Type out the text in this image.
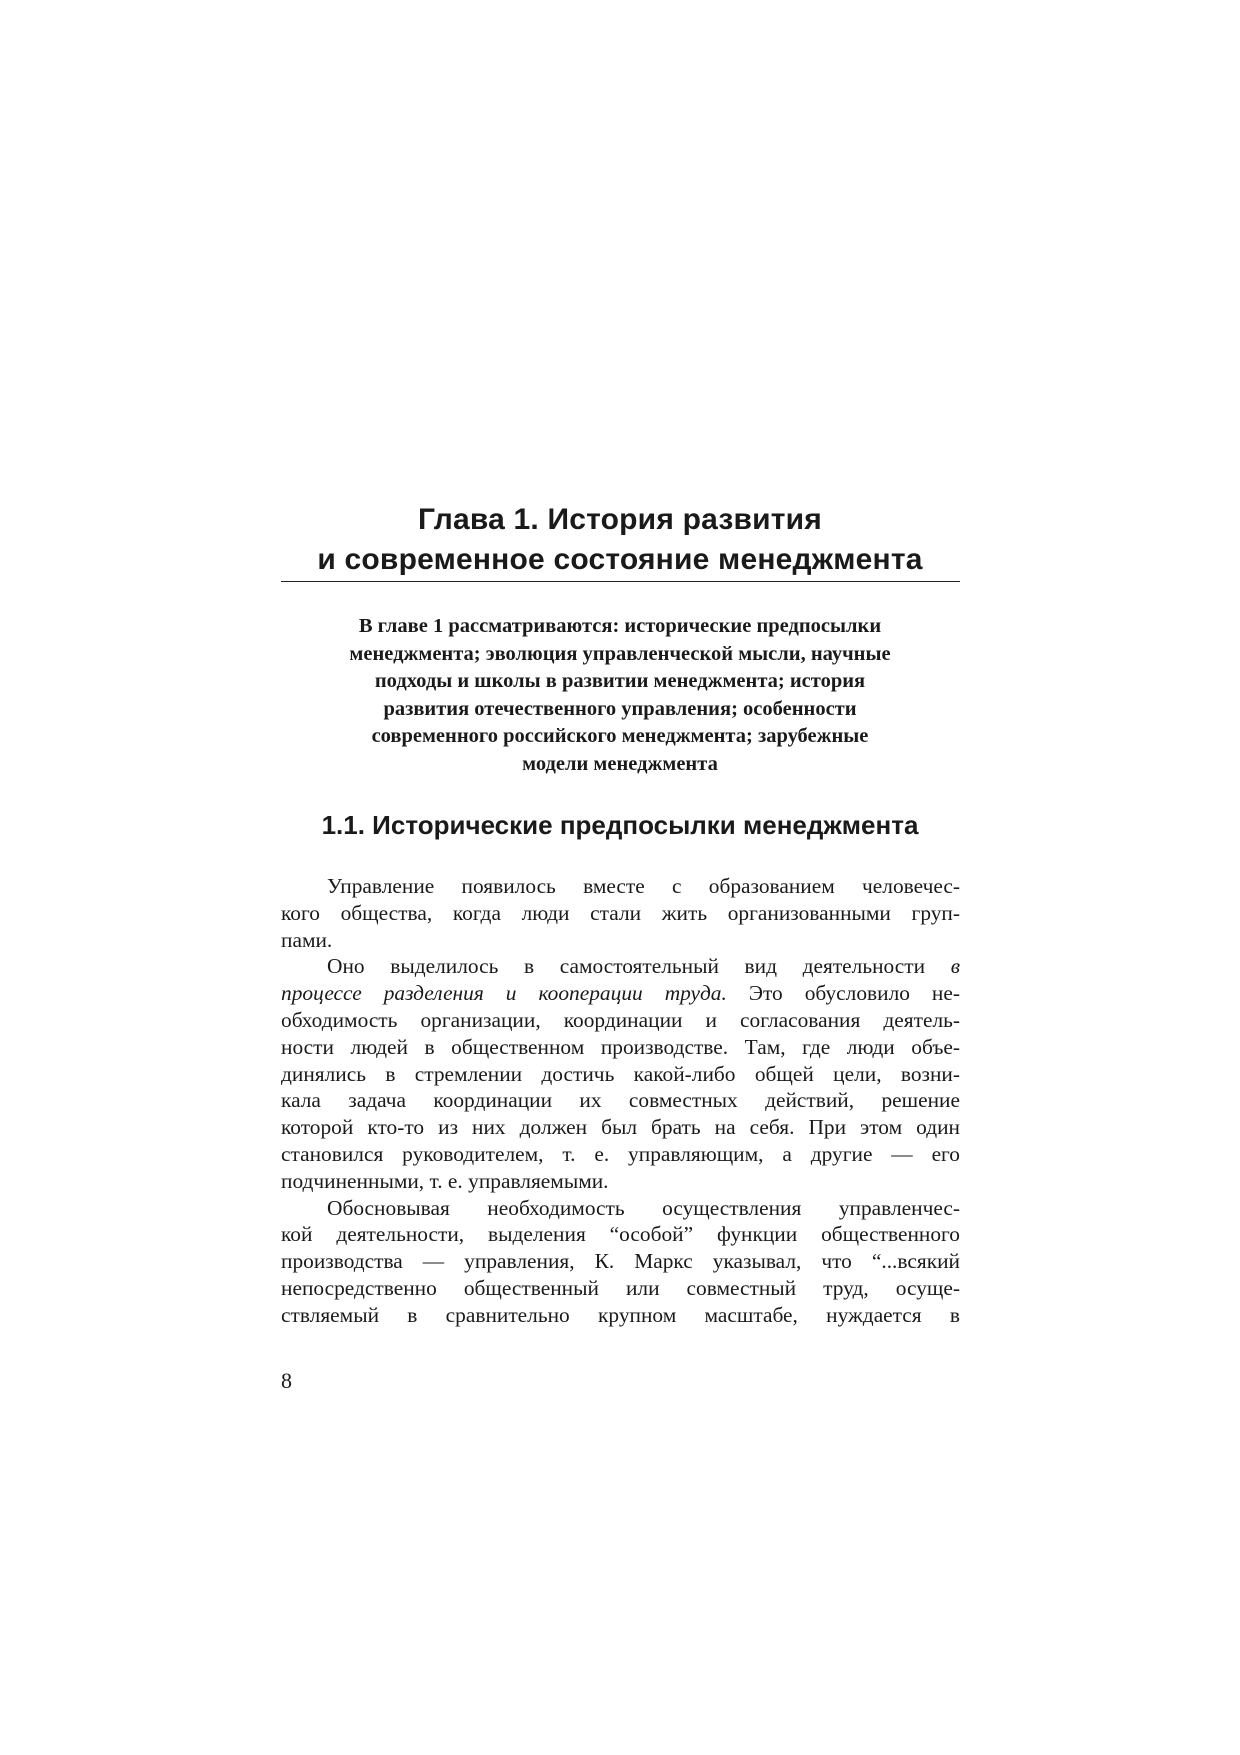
Глава 1. История развития
и современное состояние менеджмента
В главе 1 рассматриваются: исторические предпосылки
менеджмента; эволюция управленческой мысли, научные
подходы и школы в развитии менеджмента; история
развития отечественного управления; особенности
современного российского менеджмента; зарубежные
модели менеджмента
1.1. Исторические предпосылки менеджмента
Управление появилось вместе с образованием человечес-
кого общества, когда люди стали жить организованными груп-
пами.
Оно выделилось в самостоятельный вид деятельности в
процессе разделения и кооперации труда. Это обусловило не-
обходимость организации, координации и согласования деятель-
ности людей в общественном производстве. Там, где люди объе-
динялись в стремлении достичь какой-либо общей цели, возни-
кала задача координации их совместных действий, решение
которой кто-то из них должен был брать на себя. При этом один
становился руководителем, т. е. управляющим, а другие — его
подчиненными, т. е. управляемыми.
Обосновывая необходимость осуществления управленчес-
кой деятельности, выделения “особой” функции общественного
производства — управления, К. Маркс указывал, что “...всякий
непосредственно общественный или совместный труд, осуще-
ствляемый в сравнительно крупном масштабе, нуждается в
8
